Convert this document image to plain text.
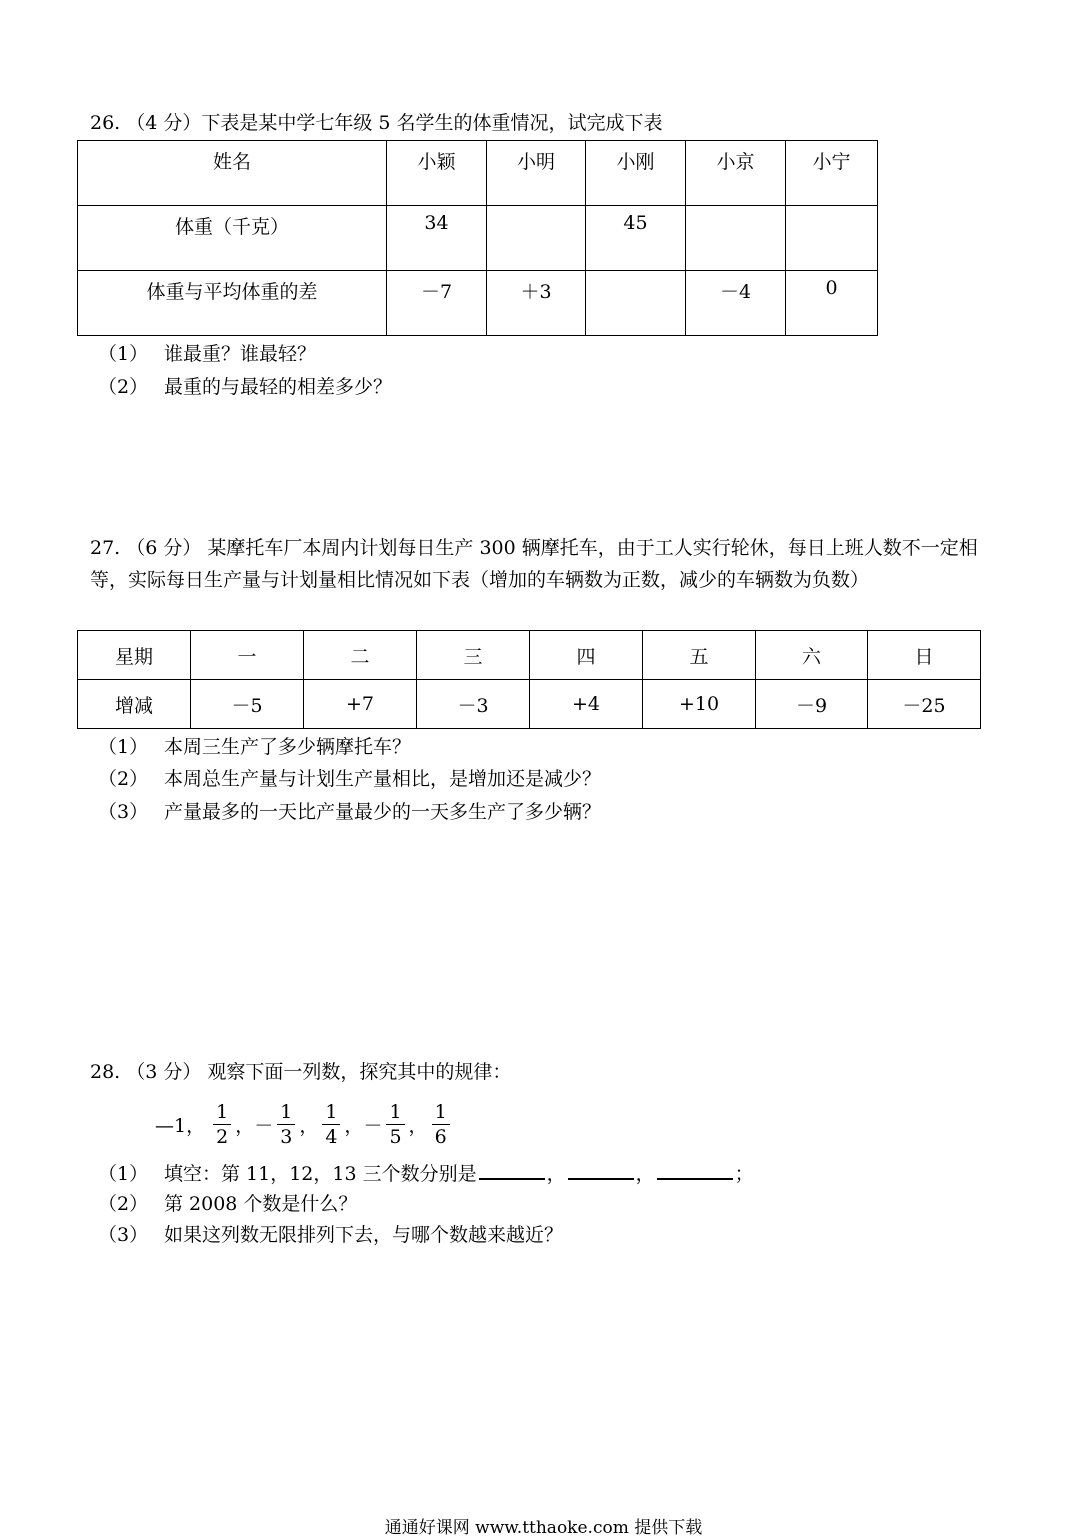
26. （4 分）下表是某中学七年级 5 名学生的体重情况，试完成下表
姓名	小颖	小明	小刚	小京	小宁
体重（千克）	34		45		
体重与平均体重的差	－7	＋3		－4	0
（1） 谁最重？谁最轻？
（2） 最重的与最轻的相差多少？
27. （6 分） 某摩托车厂本周内计划每日生产 300 辆摩托车，由于工人实行轮休，每日上班人数不一定相等，实际每日生产量与计划量相比情况如下表（增加的车辆数为正数，减少的车辆数为负数）
星期	一	二	三	四	五	六	日
增减	－5	+7	－3	+4	+10	－9	－25
（1） 本周三生产了多少辆摩托车？
（2） 本周总生产量与计划生产量相比，是增加还是减少？
（3） 产量最多的一天比产量最少的一天多生产了多少辆？
28. （3 分） 观察下面一列数，探究其中的规律：
—1， $\frac{1}{2}$ ， － $\frac{1}{3}$ ， $\frac{1}{4}$ ， － $\frac{1}{5}$ ， $\frac{1}{6}$
（1） 填空：第 11，12，13 三个数分别是	，	，	；
（2） 第 2008 个数是什么？
（3） 如果这列数无限排列下去，与哪个数越来越近？
通通好课网 www.tthaoke.com 提供下载
